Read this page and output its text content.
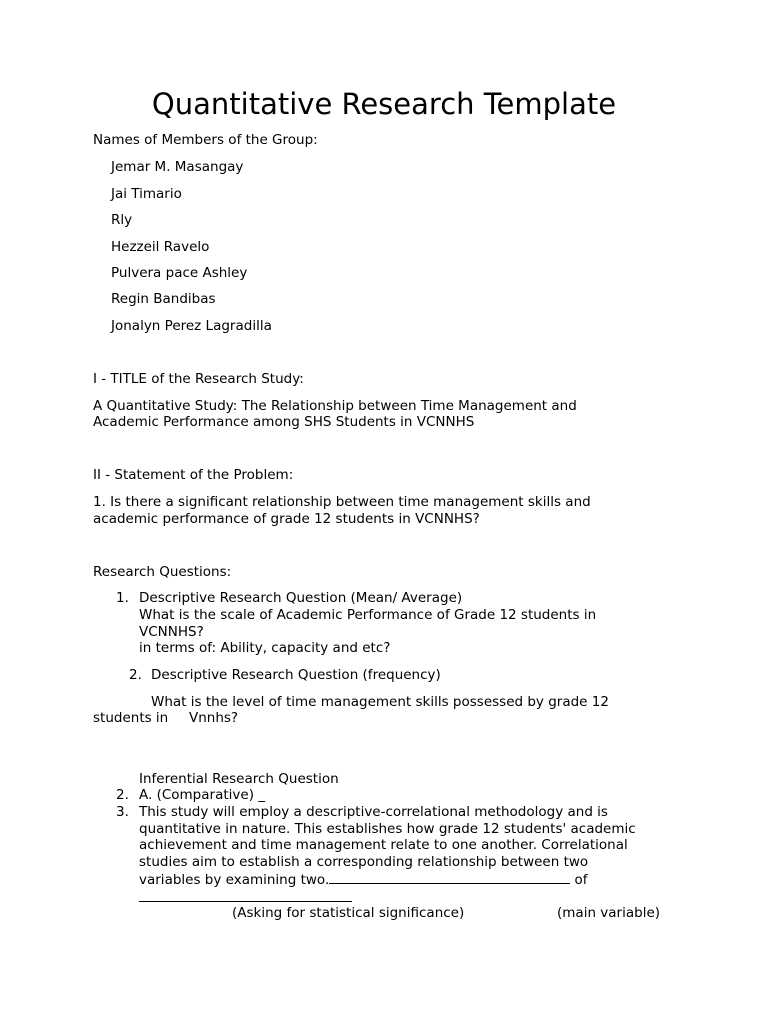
Quantitative Research Template

Names of Members of the Group:

Jemar M. Masangay

Jai Timario

Rly

Hezzeil Ravelo

Pulvera pace Ashley

Regin Bandibas

Jonalyn Perez Lagradilla

I - TITLE of the Research Study:

A Quantitative Study: The Relationship between Time Management and

Academic Performance among SHS Students in VCNNHS

II - Statement of the Problem:

1. Is there a significant relationship between time management skills and

academic performance of grade 12 students in VCNNHS?

Research Questions:

1. Descriptive Research Question (Mean/ Average)

What is the scale of Academic Performance of Grade 12 students in

VCNNHS?

in terms of: Ability, capacity and etc?

2. Descriptive Research Question (frequency)

What is the level of time management skills possessed by grade 12

students in Vnnhs?

Inferential Research Question

2. A. (Comparative) _

3. This study will employ a descriptive-correlational methodology and is

quantitative in nature. This establishes how grade 12 students' academic

achievement and time management relate to one another. Correlational

studies aim to establish a corresponding relationship between two

variables by examining two.	of

(Asking for statistical significance)	(main variable)
